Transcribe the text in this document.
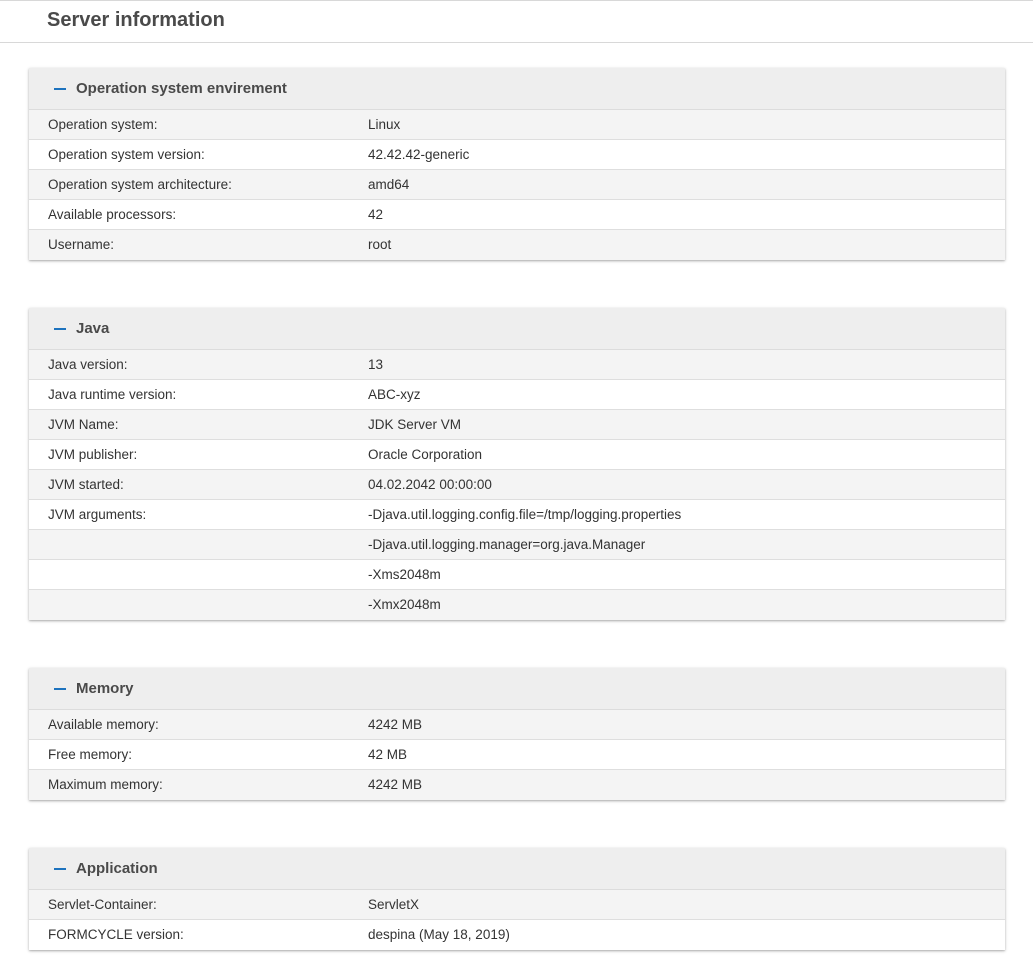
Server information
Operation system envirement
Operation system:	Linux
Operation system version:	42.42.42-generic
Operation system architecture:	amd64
Available processors:	42
Username:	root
Java
Java version:	13
Java runtime version:	ABC-xyz
JVM Name:	JDK Server VM
JVM publisher:	Oracle Corporation
JVM started:	04.02.2042 00:00:00
JVM arguments:	-Djava.util.logging.config.file=/tmp/logging.properties
-Djava.util.logging.manager=org.java.Manager
-Xms2048m
-Xmx2048m
Memory
Available memory:	4242 MB
Free memory:	42 MB
Maximum memory:	4242 MB
Application
Servlet-Container:	ServletX
FORMCYCLE version:	despina (May 18, 2019)
